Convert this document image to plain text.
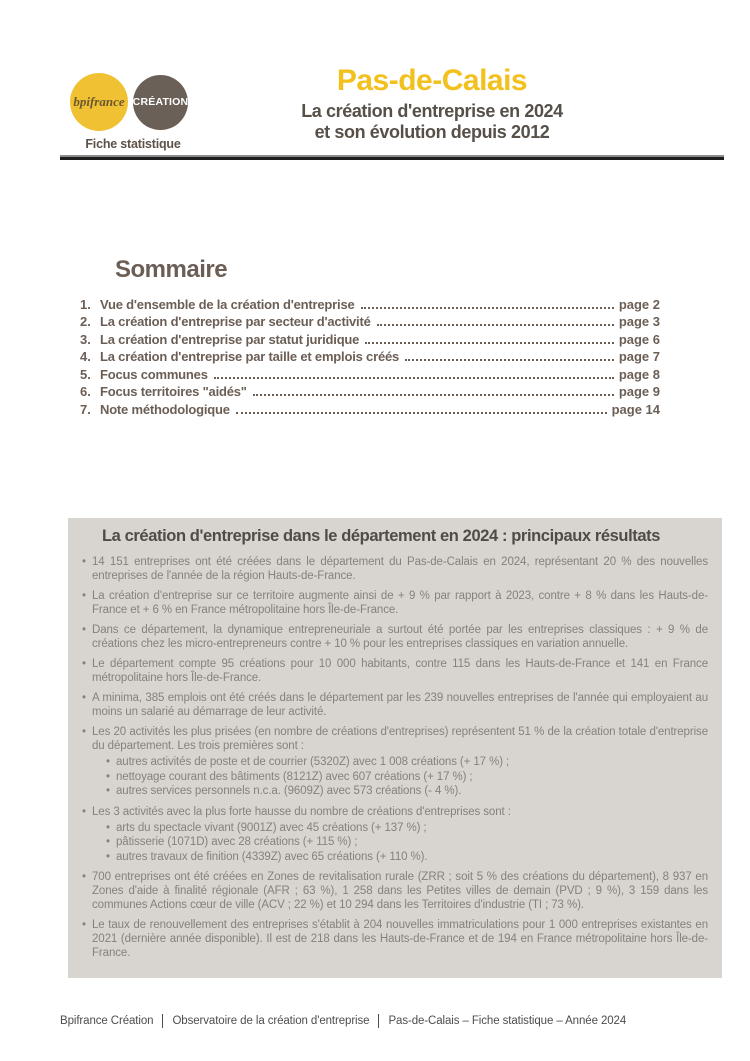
bpifrance CRÉATION
Fiche statistique
Pas-de-Calais
La création d'entreprise en 2024
et son évolution depuis 2012
Sommaire
1. Vue d'ensemble de la création d'entreprise	page 2
2. La création d'entreprise par secteur d'activité	page 3
3. La création d'entreprise par statut juridique	page 6
4. La création d'entreprise par taille et emplois créés	page 7
5. Focus communes	page 8
6. Focus territoires "aidés"	page 9
7. Note méthodologique	page 14
La création d'entreprise dans le département en 2024 : principaux résultats
• 14 151 entreprises ont été créées dans le département du Pas-de-Calais en 2024, représentant 20 % des nouvelles entreprises de l'année de la région Hauts-de-France.
• La création d'entreprise sur ce territoire augmente ainsi de + 9 % par rapport à 2023, contre + 8 % dans les Hauts-de-France et + 6 % en France métropolitaine hors Île-de-France.
• Dans ce département, la dynamique entrepreneuriale a surtout été portée par les entreprises classiques : + 9 % de créations chez les micro-entrepreneurs contre + 10 % pour les entreprises classiques en variation annuelle.
• Le département compte 95 créations pour 10 000 habitants, contre 115 dans les Hauts-de-France et 141 en France métropolitaine hors Île-de-France.
• A minima, 385 emplois ont été créés dans le département par les 239 nouvelles entreprises de l'année qui employaient au moins un salarié au démarrage de leur activité.
• Les 20 activités les plus prisées (en nombre de créations d'entreprises) représentent 51 % de la création totale d'entreprise du département. Les trois premières sont :
• autres activités de poste et de courrier (5320Z) avec 1 008 créations (+ 17 %) ;
• nettoyage courant des bâtiments (8121Z) avec 607 créations (+ 17 %) ;
• autres services personnels n.c.a. (9609Z) avec 573 créations (- 4 %).
• Les 3 activités avec la plus forte hausse du nombre de créations d'entreprises sont :
• arts du spectacle vivant (9001Z) avec 45 créations (+ 137 %) ;
• pâtisserie (1071D) avec 28 créations (+ 115 %) ;
• autres travaux de finition (4339Z) avec 65 créations (+ 110 %).
• 700 entreprises ont été créées en Zones de revitalisation rurale (ZRR ; soit 5 % des créations du département), 8 937 en Zones d'aide à finalité régionale (AFR ; 63 %), 1 258 dans les Petites villes de demain (PVD ; 9 %), 3 159 dans les communes Actions cœur de ville (ACV ; 22 %) et 10 294 dans les Territoires d'industrie (TI ; 73 %).
• Le taux de renouvellement des entreprises s'établit à 204 nouvelles immatriculations pour 1 000 entreprises existantes en 2021 (dernière année disponible). Il est de 218 dans les Hauts-de-France et de 194 en France métropolitaine hors Île-de-France.
Bpifrance Création Observatoire de la création d'entreprise Pas-de-Calais – Fiche statistique – Année 2024
